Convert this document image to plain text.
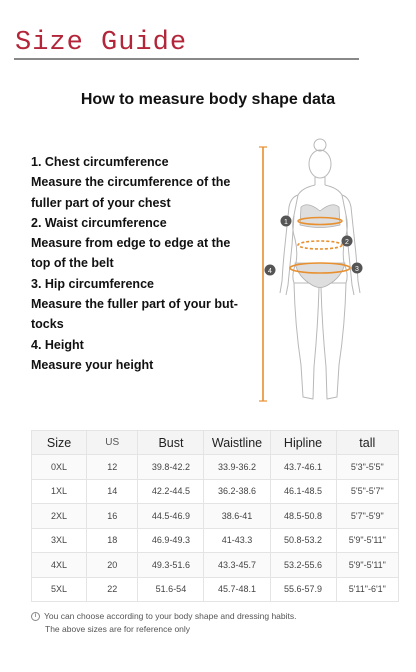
Size Guide
How to measure body shape data
1. Chest circumference
Measure the circumference of the
fuller part of your chest
2. Waist circumference
Measure from edge to edge at the
top of the belt
3. Hip circumference
Measure the fuller part of your but-
tocks
4. Height
Measure your height
1
2
3
4
Size	US	Bust	Waistline	Hipline	tall
0XL	12	39.8-42.2	33.9-36.2	43.7-46.1	5'3"-5'5"
1XL	14	42.2-44.5	36.2-38.6	46.1-48.5	5'5"-5'7"
2XL	16	44.5-46.9	38.6-41	48.5-50.8	5'7"-5'9"
3XL	18	46.9-49.3	41-43.3	50.8-53.2	5'9"-5'11"
4XL	20	49.3-51.6	43.3-45.7	53.2-55.6	5'9"-5'11"
5XL	22	51.6-54	45.7-48.1	55.6-57.9	5'11"-6'1"
i You can choose according to your body shape and dressing habits.
The above sizes are for reference only
